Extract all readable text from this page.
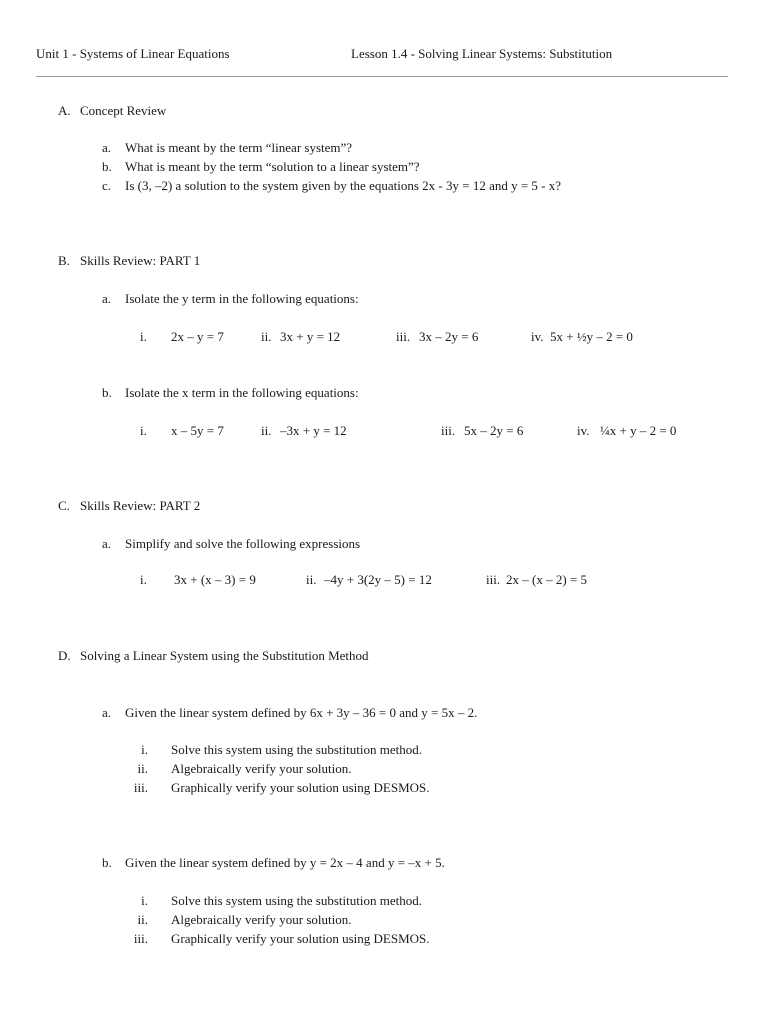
Unit 1 - Systems of Linear Equations	Lesson 1.4 - Solving Linear Systems: Substitution
A. Concept Review
a. What is meant by the term “linear system”?
b. What is meant by the term “solution to a linear system”?
c. Is (3, –2) a solution to the system given by the equations 2x - 3y = 12 and y = 5 - x?
B. Skills Review: PART 1
a. Isolate the y term in the following equations:
i. 2x – y = 7	ii. 3x + y = 12	iii. 3x – 2y = 6	iv. 5x + ½y – 2 = 0
b. Isolate the x term in the following equations:
i. x – 5y = 7	ii. –3x + y = 12	iii. 5x – 2y = 6	iv. ¼x + y – 2 = 0
C. Skills Review: PART 2
a. Simplify and solve the following expressions
i. 3x + (x – 3) = 9	ii. –4y + 3(2y – 5) = 12	iii. 2x – (x – 2) = 5
D. Solving a Linear System using the Substitution Method
a. Given the linear system defined by 6x + 3y – 36 = 0 and y = 5x – 2.
i. Solve this system using the substitution method.
ii. Algebraically verify your solution.
iii. Graphically verify your solution using DESMOS.
b. Given the linear system defined by y = 2x – 4 and y = –x + 5.
i. Solve this system using the substitution method.
ii. Algebraically verify your solution.
iii. Graphically verify your solution using DESMOS.
